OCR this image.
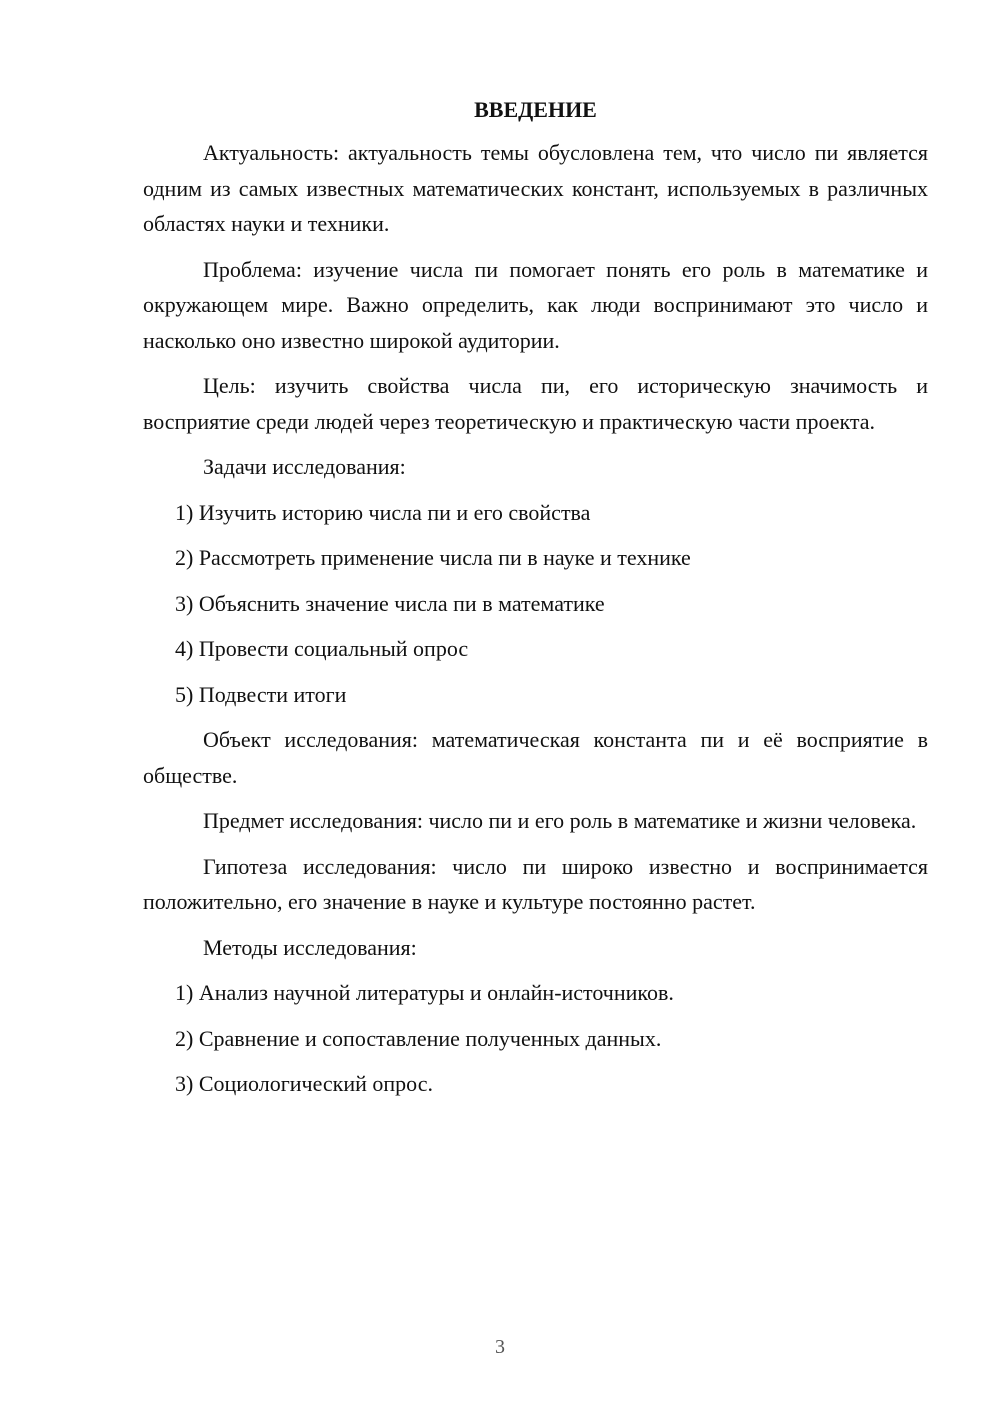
ВВЕДЕНИЕ

Актуальность: актуальность темы обусловлена тем, что число пи является одним из самых известных математических констант, используемых в различных областях науки и техники.

Проблема: изучение числа пи помогает понять его роль в математике и окружающем мире. Важно определить, как люди воспринимают это число и насколько оно известно широкой аудитории.

Цель: изучить свойства числа пи, его историческую значимость и восприятие среди людей через теоретическую и практическую части проекта.

Задачи исследования:

1) Изучить историю числа пи и его свойства
2) Рассмотреть применение числа пи в науке и технике
3) Объяснить значение числа пи в математике
4) Провести социальный опрос
5) Подвести итоги

Объект исследования: математическая константа пи и её восприятие в обществе.

Предмет исследования: число пи и его роль в математике и жизни человека.

Гипотеза исследования: число пи широко известно и воспринимается положительно, его значение в науке и культуре постоянно растет.

Методы исследования:

1) Анализ научной литературы и онлайн-источников.
2) Сравнение и сопоставление полученных данных.
3) Социологический опрос.
3
